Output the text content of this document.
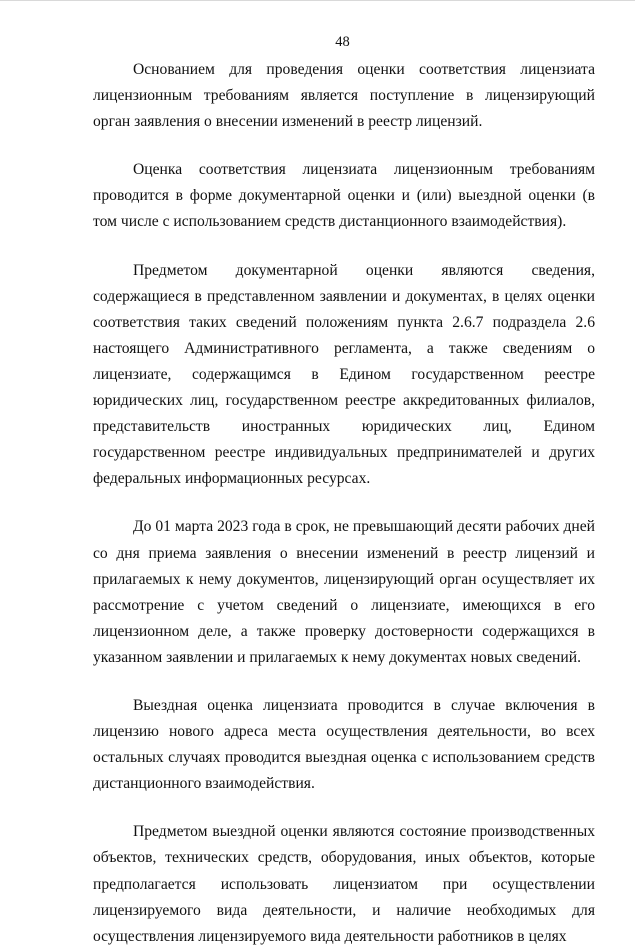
48

Основанием для проведения оценки соответствия лицензиата лицензионным требованиям является поступление в лицензирующий орган заявления о внесении изменений в реестр лицензий.

Оценка соответствия лицензиата лицензионным требованиям проводится в форме документарной оценки и (или) выездной оценки (в том числе с использованием средств дистанционного взаимодействия).

Предметом документарной оценки являются сведения, содержащиеся в представленном заявлении и документах, в целях оценки соответствия таких сведений положениям пункта 2.6.7 подраздела 2.6 настоящего Административного регламента, а также сведениям о лицензиате, содержащимся в Едином государственном реестре юридических лиц, государственном реестре аккредитованных филиалов, представительств иностранных юридических лиц, Едином государственном реестре индивидуальных предпринимателей и других федеральных информационных ресурсах.

До 01 марта 2023 года в срок, не превышающий десяти рабочих дней со дня приема заявления о внесении изменений в реестр лицензий и прилагаемых к нему документов, лицензирующий орган осуществляет их рассмотрение с учетом сведений о лицензиате, имеющихся в его лицензионном деле, а также проверку достоверности содержащихся в указанном заявлении и прилагаемых к нему документах новых сведений.

Выездная оценка лицензиата проводится в случае включения в лицензию нового адреса места осуществления деятельности, во всех остальных случаях проводится выездная оценка с использованием средств дистанционного взаимодействия.

Предметом выездной оценки являются состояние производственных объектов, технических средств, оборудования, иных объектов, которые предполагается использовать лицензиатом при осуществлении лицензируемого вида деятельности, и наличие необходимых для осуществления лицензируемого вида деятельности работников в целях
